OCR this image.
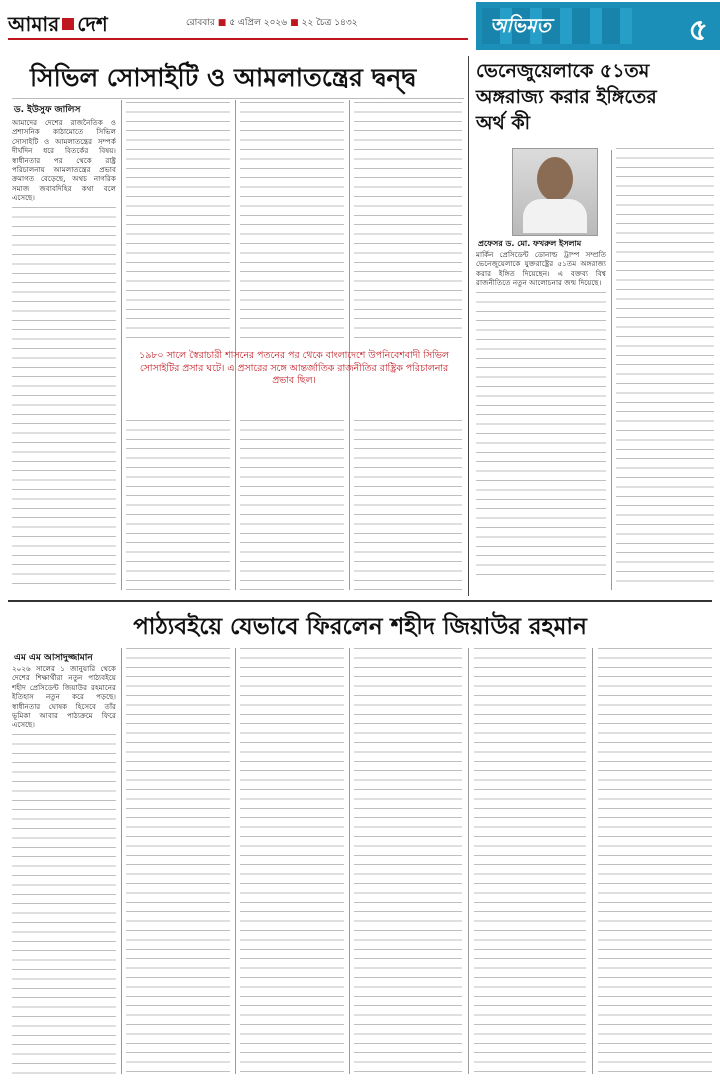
আমার দেশ	রোববার ■ ৫ এপ্রিল ২০২৬ ■ ২২ চৈত্র ১৪৩২	অভিমত	৫
সিভিল সোসাইটি ও আমলাতন্ত্রের দ্বন্দ্ব
ড. ইউসুফ জালিস
আমাদের দেশের রাজনৈতিক ও প্রশাসনিক কাঠামোতে সিভিল সোসাইটি ও আমলাতন্ত্রের সম্পর্ক দীর্ঘদিন ধরে বিতর্কের বিষয়। স্বাধীনতার পর থেকে রাষ্ট্র পরিচালনায় আমলাতন্ত্রের প্রভাব ক্রমাগত বেড়েছে, অথচ নাগরিক সমাজ জবাবদিহির কথা বলে এসেছে।
১৯৮০ সালে স্বৈরাচারী শাসনের পতনের পর থেকে বাংলাদেশে উপনিবেশবাদী সিভিল সোসাইটির প্রসার ঘটে। এ প্রসারের সঙ্গে আন্তর্জাতিক রাজনীতির রাষ্ট্রিক পরিচালনার প্রভাব ছিল।
ভেনেজুয়েলাকে ৫১তম
অঙ্গরাজ্য করার ইঙ্গিতের
অর্থ কী
প্রফেসর ড. মো. ফখরুল ইসলাম
মার্কিন প্রেসিডেন্ট ডোনাল্ড ট্রাম্প সম্প্রতি ভেনেজুয়েলাকে যুক্তরাষ্ট্রের ৫১তম অঙ্গরাজ্য করার ইঙ্গিত দিয়েছেন। এ বক্তব্য বিশ্ব রাজনীতিতে নতুন আলোচনার জন্ম দিয়েছে।
পাঠ্যবইয়ে যেভাবে ফিরলেন শহীদ জিয়াউর রহমান
এম এম আসাদুজ্জামান
২০২৬ সালের ১ জানুয়ারি থেকে দেশের শিক্ষার্থীরা নতুন পাঠ্যবইয়ে শহীদ প্রেসিডেন্ট জিয়াউর রহমানের ইতিহাস নতুন করে পড়ছে। স্বাধীনতার ঘোষক হিসেবে তাঁর ভূমিকা আবার পাঠ্যক্রমে ফিরে এসেছে।
